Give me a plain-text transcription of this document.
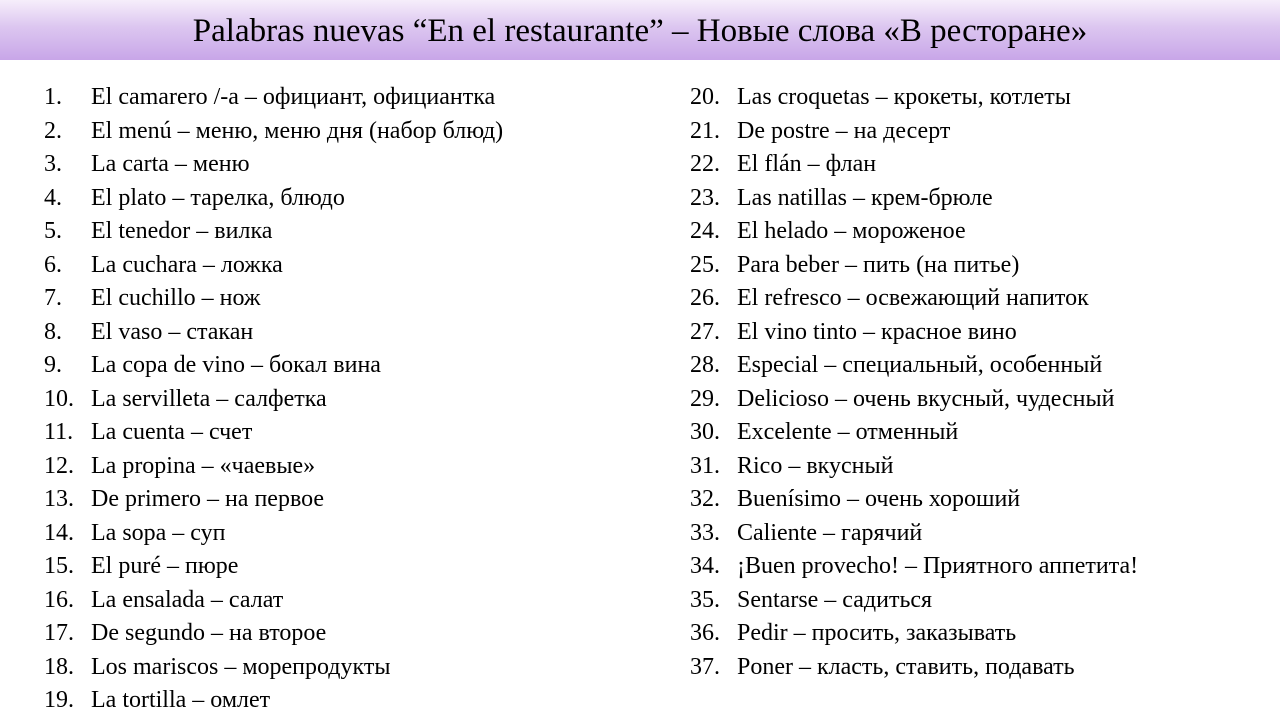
Palabras nuevas “En el restaurante” – Новые слова «В ресторане»
1.	El camarero /-a – официант, официантка
2.	El menú – меню, меню дня (набор блюд)
3.	La carta – меню
4.	El plato – тарелка, блюдо
5.	El tenedor – вилка
6.	La cuchara – ложка
7.	El cuchillo – нож
8.	El vaso – стакан
9.	La copa de vino – бокал вина
10. La servilleta – салфетка
11. La cuenta – счет
12. La propina – «чаевые»
13. De primero – на первое
14. La sopa – суп
15. El puré – пюре
16. La ensalada – салат
17. De segundo – на второе
18. Los mariscos – морепродукты
19. La tortilla – омлет
20. Las croquetas – крокеты, котлеты
21. De postre – на десерт
22. El flán – флан
23. Las natillas – крем-брюле
24. El helado – мороженое
25. Para beber – пить (на питье)
26. El refresco – освежающий напиток
27. El vino tinto – красное вино
28. Especial – специальный, особенный
29. Delicioso – очень вкусный, чудесный
30. Excelente – отменный
31. Rico – вкусный
32. Buenísimo – очень хороший
33. Caliente – гарячий
34. ¡Buen provecho! – Приятного аппетита!
35. Sentarse – садиться
36. Pedir – просить, заказывать
37. Poner – класть, ставить, подавать
